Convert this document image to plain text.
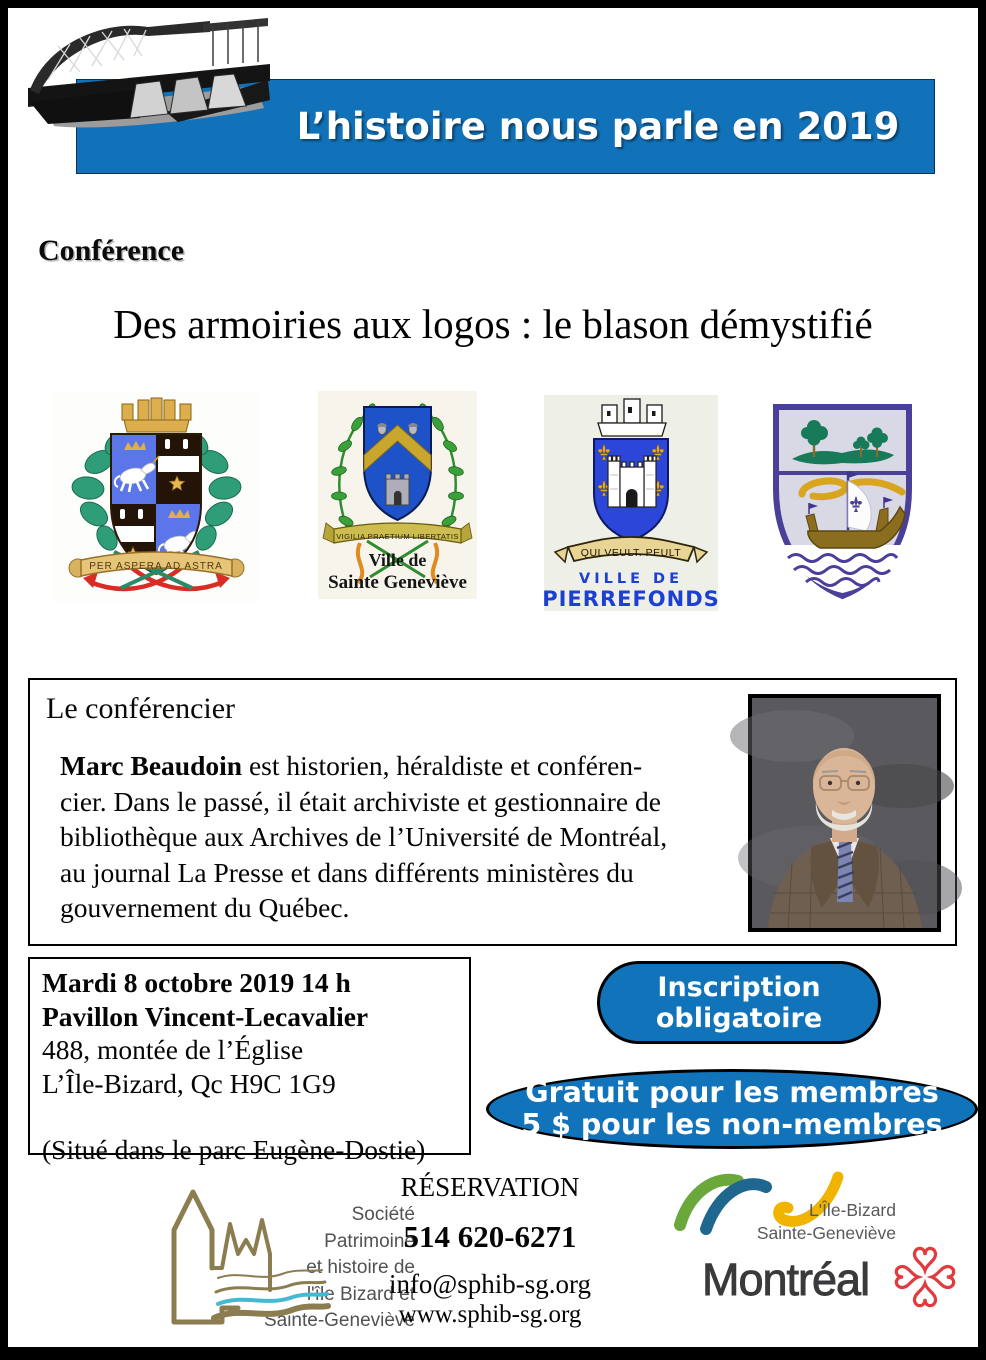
L’histoire nous parle en 2019
Conférence
Des armoiries aux logos : le blason démystifié
PER ASPERA AD ASTRA
VIGILIA PRAETIUM LIBERTATIS
Ville de
Sainte Geneviève
QUI VEULT. PEULT
VILLE DE
PIERREFONDS
Le conférencier
Marc Beaudoin est historien, héraldiste et conféren-
cier. Dans le passé, il était archiviste et gestionnaire de
bibliothèque aux Archives de l’Université de Montréal,
au journal La Presse et dans différents ministères du
gouvernement du Québec.
Mardi 8 octobre 2019 14 h
Pavillon Vincent-Lecavalier
488, montée de l’Église
L’Île-Bizard, Qc H9C 1G9
(Situé dans le parc Eugène-Dostie)
Inscription
obligatoire
Gratuit pour les membres
5 $ pour les non-membres
Société
Patrimoine
et histoire de
l'île Bizard et
Sainte-Geneviève
RÉSERVATION
514 620-6271
info@sphib-sg.org
www.sphib-sg.org
L'Île-Bizard
Sainte-Geneviève
Montréal
